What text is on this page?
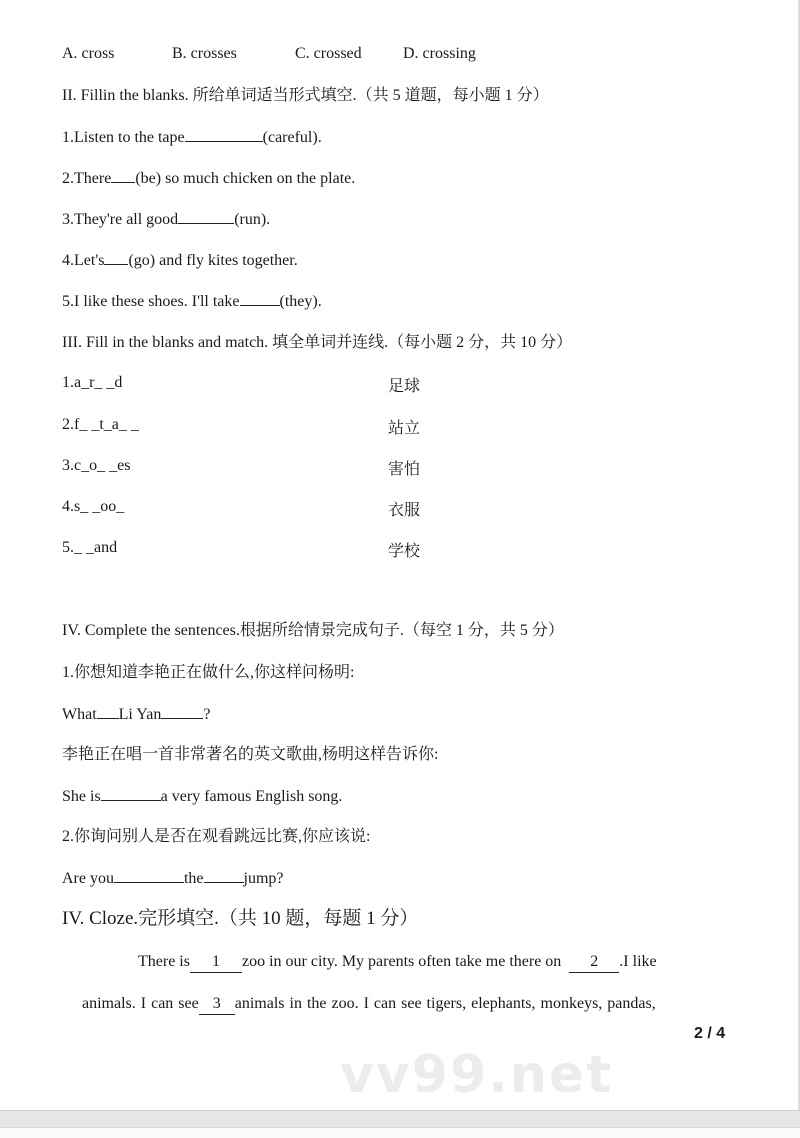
A. cross	B. crosses	C. crossed	D. crossing
II. Fillin the blanks. 所给单词适当形式填空.（共 5 道题，每小题 1 分）
1.Listen to the tape	(careful).
2.There (be) so much chicken on the plate.
3.They're all good	(run).
4.Let's (go) and fly kites together.
5.I like these shoes. I'll take	(they).
III. Fill in the blanks and match. 填全单词并连线.（每小题 2 分，共 10 分）
1.a_r_ _d	足球
2.f_ _t_a_ _	站立
3.c_o_ _es	害怕
4.s_ _oo_	衣服
5._ _and	学校
IV. Complete the sentences.根据所给情景完成句子.（每空 1 分，共 5 分）
1.你想知道李艳正在做什么,你这样问杨明:
What Li Yan	?
李艳正在唱一首非常著名的英文歌曲,杨明这样告诉你:
She is	a very famous English song.
2.你询问别人是否在观看跳远比赛,你应该说:
Are you	the	jump?
IV. Cloze.完形填空.（共 10 题，每题 1 分）
There is 1 zoo in our city. My parents often take me there on 2 .I like
animals. I can see 3 animals in the zoo. I can see tigers, elephants, monkeys, pandas,
2 / 4
vv99.net
